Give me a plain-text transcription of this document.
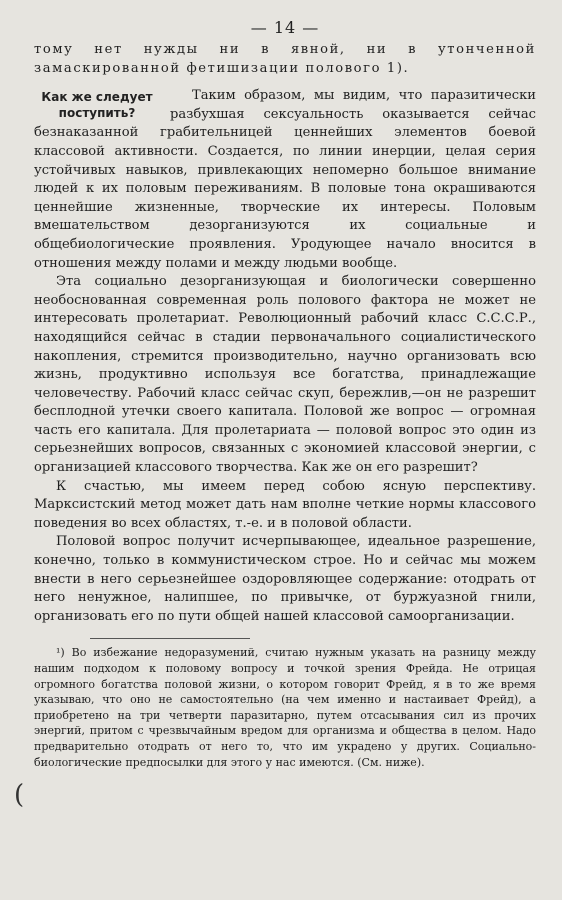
— 14 —

тому нет нужды ни в явной, ни в утонченной замаскированной фетишизации полового 1).

Как же следует
поступить?

Таким образом, мы видим, что паразитически разбухшая сексуальность оказывается сейчас безнаказанной грабительницей ценнейших элементов боевой классовой активности. Создается, по линии инерции, целая серия устойчивых навыков, привлекающих непомерно большое внимание людей к их половым переживаниям. В половые тона окрашиваются ценнейшие жизненные, творческие их интересы. Половым вмешательством дезорганизуются их социальные и общебиологические проявления. Уродующее начало вносится в отношения между полами и между людьми вообще.

Эта социально дезорганизующая и биологически совершенно необоснованная современная роль полового фактора не может не интересовать пролетариат. Революционный рабочий класс С.С.С.Р., находящийся сейчас в стадии первоначального социалистического накопления, стремится производительно, научно организовать всю жизнь, продуктивно используя все богатства, принадлежащие человечеству. Рабочий класс сейчас скуп, бережлив,—он не разрешит бесплодной утечки своего капитала. Половой же вопрос — огромная часть его капитала. Для пролетариата — половой вопрос это один из серьезнейших вопросов, связанных с экономией классовой энергии, с организацией классового творчества. Как же он его разрешит?

К счастью, мы имеем перед собою ясную перспективу. Марксистский метод может дать нам вполне четкие нормы классового поведения во всех областях, т.-е. и в половой области.

Половой вопрос получит исчерпывающее, идеальное разрешение, конечно, только в коммунистическом строе. Но и сейчас мы можем внести в него серьезнейшее оздоровляющее содержание: отодрать от него ненужное, налипшее, по привычке, от буржуазной гнили, организовать его по пути общей нашей классовой самоорганизации.

¹) Во избежание недоразумений, считаю нужным указать на разницу между нашим подходом к половому вопросу и точкой зрения Фрейда. Не отрицая огромного богатства половой жизни, о котором говорит Фрейд, я в то же время указываю, что оно не самостоятельно (на чем именно и настаивает Фрейд), а приобретено на три четверти паразитарно, путем отсасывания сил из прочих энергий, притом с чрезвычайным вредом для организма и общества в целом. Надо предварительно отодрать от него то, что им украдено у других. Социально-биологические предпосылки для этого у нас имеются. (См. ниже).

(
